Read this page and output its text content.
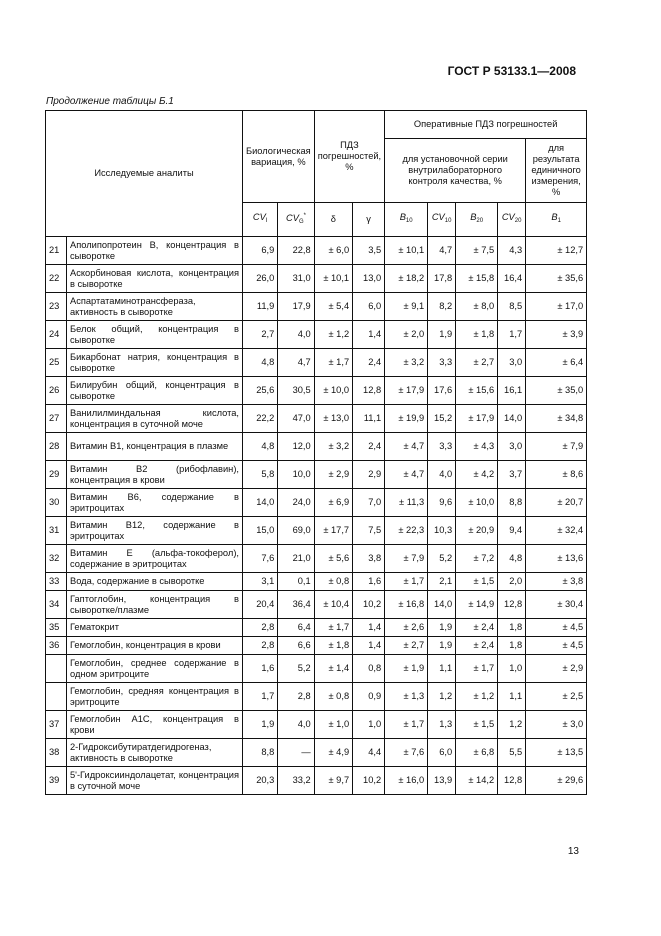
ГОСТ Р 53133.1—2008
Продолжение таблицы Б.1
Исследуемые аналиты		Биологическая вариация, %		ПДЗ погрешностей, %		Оперативные ПДЗ погрешностей				
						для установочной серии внутрилабораторного контроля качества, %				для результата единичного измерения, %
		$CV_I$	$CV_G^*$	δ	γ	$B_{10}$	$CV_{10}$	$B_{20}$	$CV_{20}$	$B_1$
21	Аполипопротеин В, концентрация в сыворотке	6,9	22,8	± 6,0	3,5	± 10,1	4,7	± 7,5	4,3	± 12,7
22	Аскорбиновая кислота, концентрация в сыворотке	26,0	31,0	± 10,1	13,0	± 18,2	17,8	± 15,8	16,4	± 35,6
23	Аспартатаминотрансфераза, активность в сыворотке	11,9	17,9	± 5,4	6,0	± 9,1	8,2	± 8,0	8,5	± 17,0
24	Белок общий, концентрация в сыворотке	2,7	4,0	± 1,2	1,4	± 2,0	1,9	± 1,8	1,7	± 3,9
25	Бикарбонат натрия, концентрация в сыворотке	4,8	4,7	± 1,7	2,4	± 3,2	3,3	± 2,7	3,0	± 6,4
26	Билирубин общий, концентрация в сыворотке	25,6	30,5	± 10,0	12,8	± 17,9	17,6	± 15,6	16,1	± 35,0
27	Ванилилминдальная кислота, концентрация в суточной моче	22,2	47,0	± 13,0	11,1	± 19,9	15,2	± 17,9	14,0	± 34,8
28	Витамин В1, концентрация в плазме	4,8	12,0	± 3,2	2,4	± 4,7	3,3	± 4,3	3,0	± 7,9
29	Витамин В2 (рибофлавин), концентрация в крови	5,8	10,0	± 2,9	2,9	± 4,7	4,0	± 4,2	3,7	± 8,6
30	Витамин В6, содержание в эритроцитах	14,0	24,0	± 6,9	7,0	± 11,3	9,6	± 10,0	8,8	± 20,7
31	Витамин В12, содержание в эритроцитах	15,0	69,0	± 17,7	7,5	± 22,3	10,3	± 20,9	9,4	± 32,4
32	Витамин Е (альфа-токоферол), содержание в эритроцитах	7,6	21,0	± 5,6	3,8	± 7,9	5,2	± 7,2	4,8	± 13,6
33	Вода, содержание в сыворотке	3,1	0,1	± 0,8	1,6	± 1,7	2,1	± 1,5	2,0	± 3,8
34	Гаптоглобин, концентрация в сыворотке/плазме	20,4	36,4	± 10,4	10,2	± 16,8	14,0	± 14,9	12,8	± 30,4
35	Гематокрит	2,8	6,4	± 1,7	1,4	± 2,6	1,9	± 2,4	1,8	± 4,5
36	Гемоглобин, концентрация в крови	2,8	6,6	± 1,8	1,4	± 2,7	1,9	± 2,4	1,8	± 4,5
	Гемоглобин, среднее содержание в одном эритроците	1,6	5,2	± 1,4	0,8	± 1,9	1,1	± 1,7	1,0	± 2,9
	Гемоглобин, средняя концентрация в эритроците	1,7	2,8	± 0,8	0,9	± 1,3	1,2	± 1,2	1,1	± 2,5
37	Гемоглобин А1С, концентрация в крови	1,9	4,0	± 1,0	1,0	± 1,7	1,3	± 1,5	1,2	± 3,0
38	2-Гидроксибутиратдегидрогеназ, активность в сыворотке	8,8	—	± 4,9	4,4	± 7,6	6,0	± 6,8	5,5	± 13,5
39	5'-Гидроксииндолацетат, концентрация в суточной моче	20,3	33,2	± 9,7	10,2	± 16,0	13,9	± 14,2	12,8	± 29,6
13
